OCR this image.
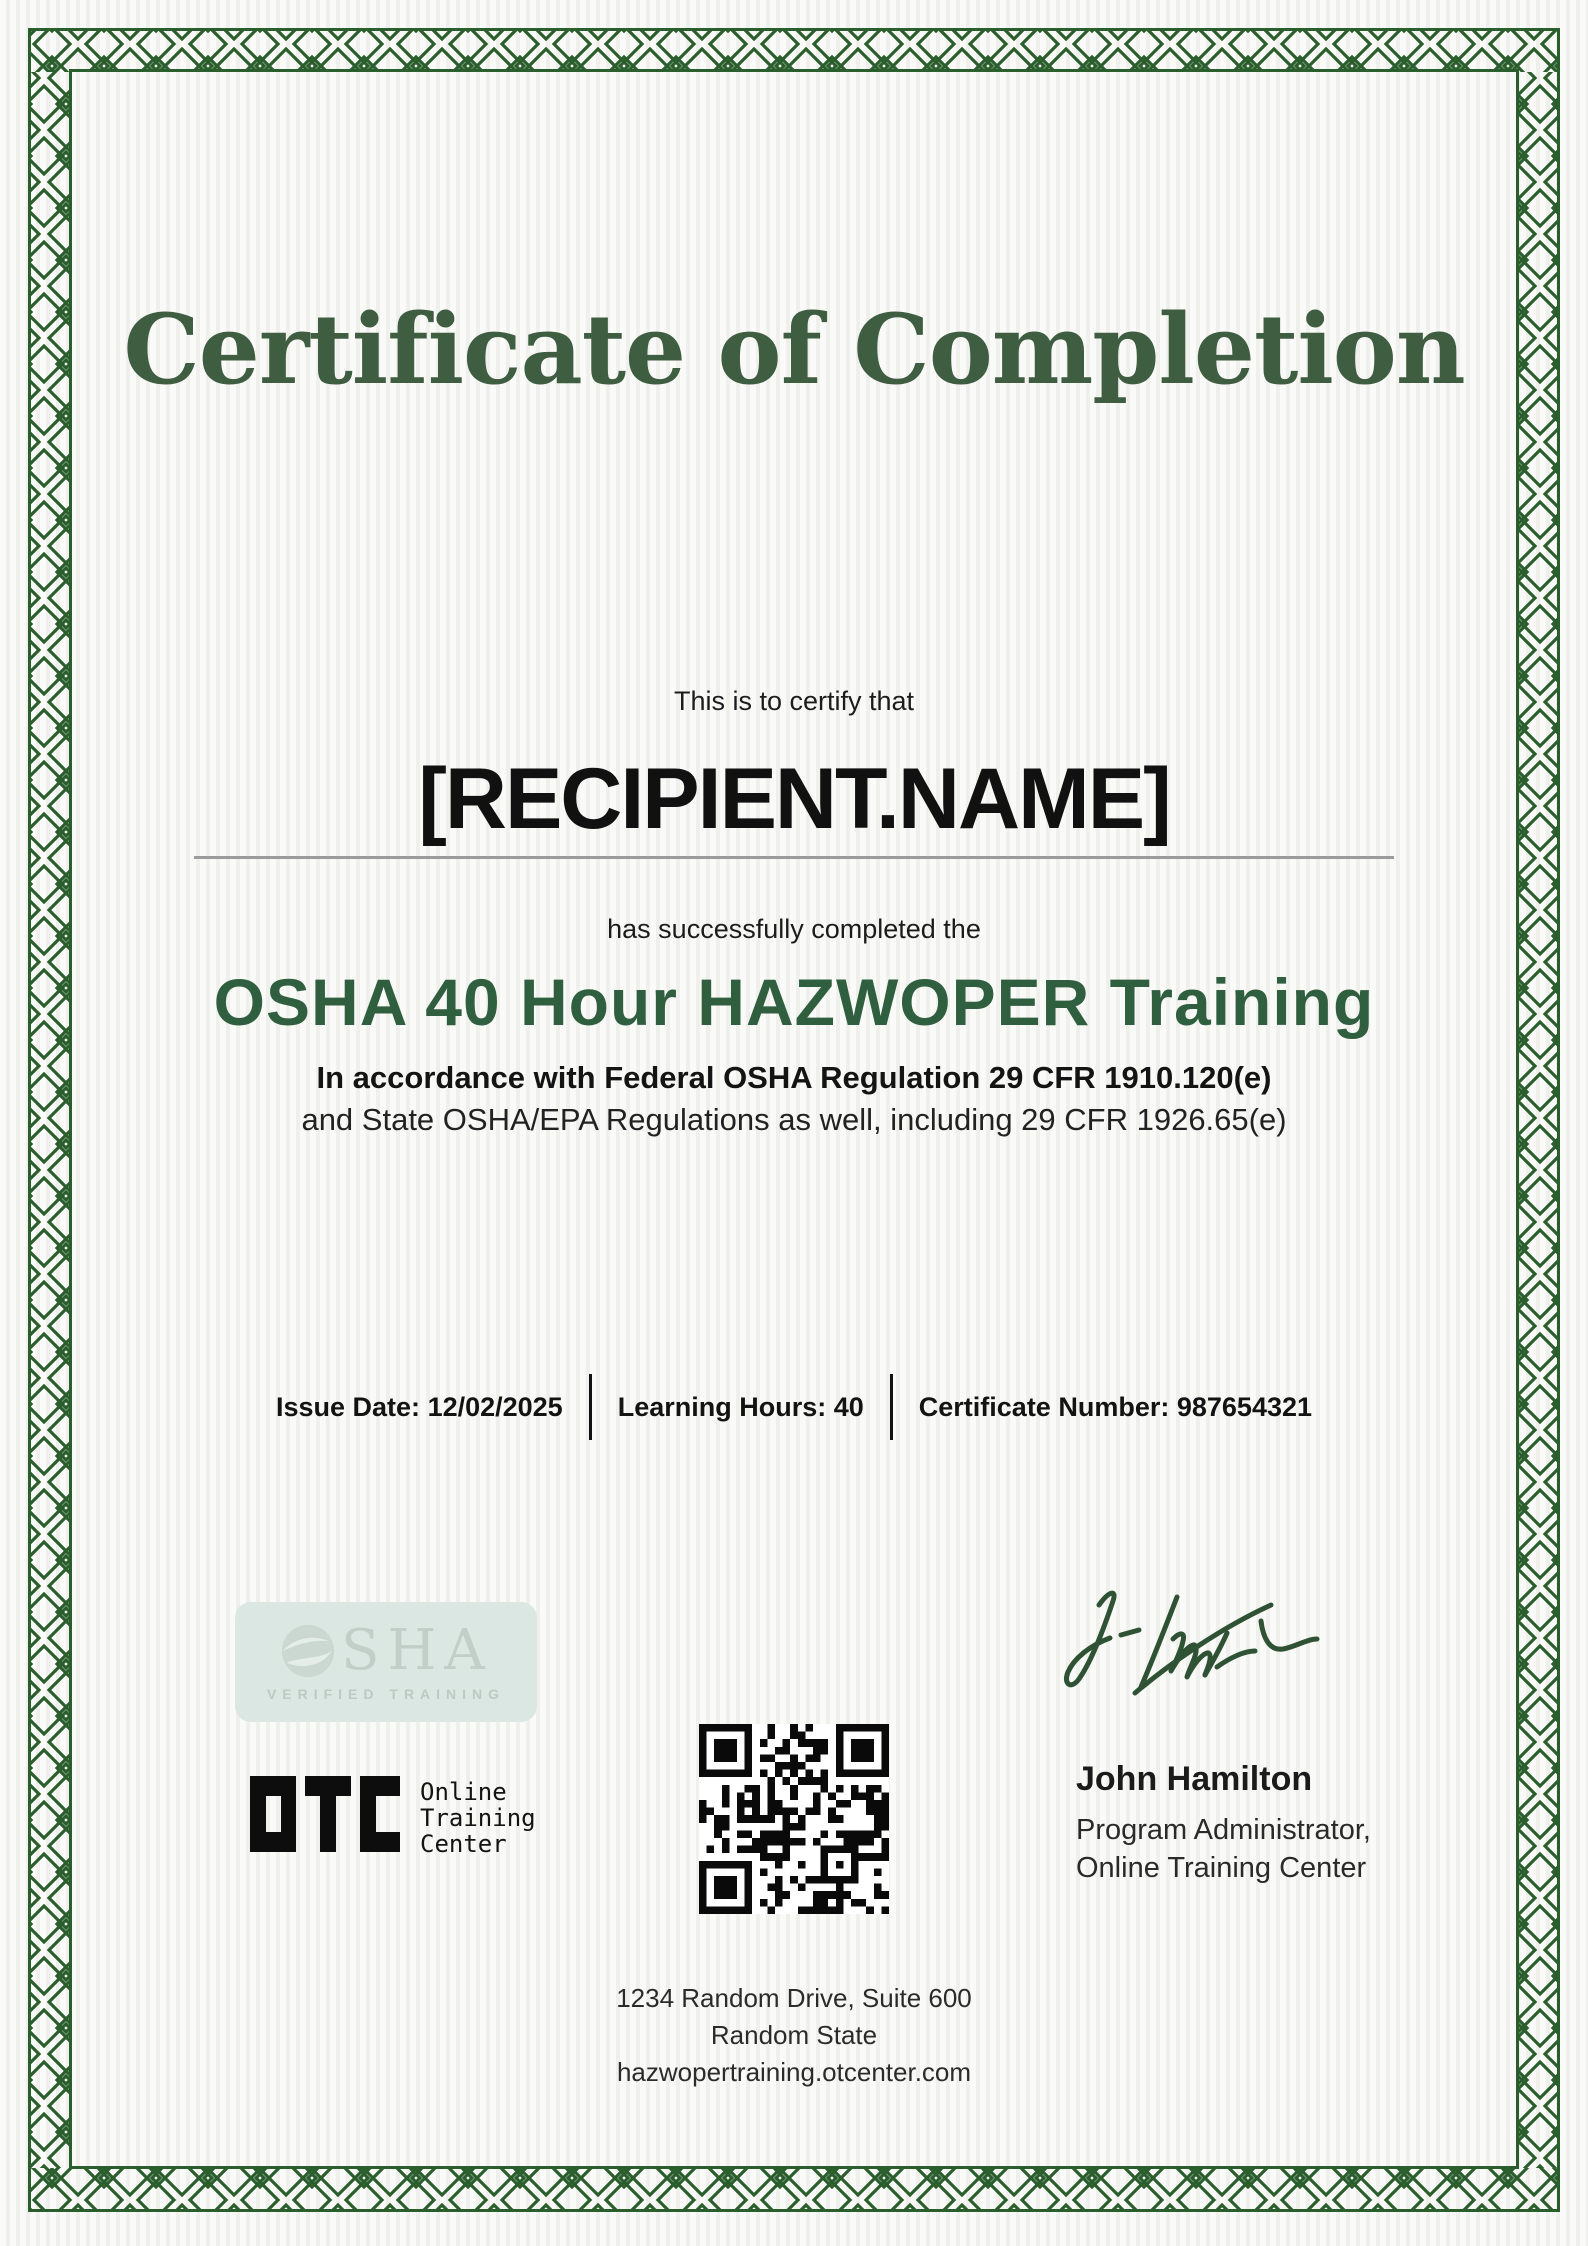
Certificate of Completion
This is to certify that
[RECIPIENT.NAME]
has successfully completed the
OSHA 40 Hour HAZWOPER Training
In accordance with Federal OSHA Regulation 29 CFR 1910.120(e)
and State OSHA/EPA Regulations as well, including 29 CFR 1926.65(e)
Issue Date: 12/02/2025 Learning Hours: 40 Certificate Number: 987654321
SHA
VERIFIED TRAINING
Online
Training
Center
John Hamilton
Program Administrator,
Online Training Center
1234 Random Drive, Suite 600
Random State
hazwopertraining.otcenter.com
